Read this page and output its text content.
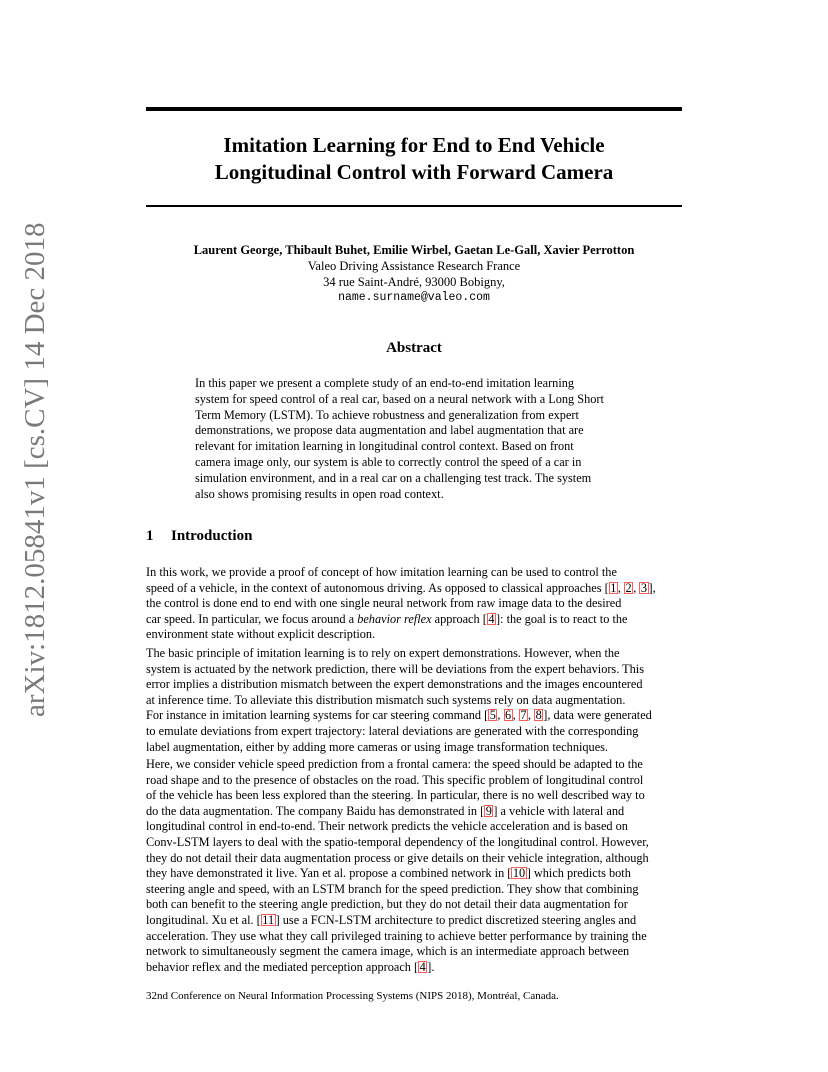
arXiv:1812.05841v1 [cs.CV] 14 Dec 2018
Imitation Learning for End to End Vehicle
Longitudinal Control with Forward Camera
Laurent George, Thibault Buhet, Emilie Wirbel, Gaetan Le-Gall, Xavier Perrotton
Valeo Driving Assistance Research France
34 rue Saint-André, 93000 Bobigny,
name.surname@valeo.com
Abstract
In this paper we present a complete study of an end-to-end imitation learning
system for speed control of a real car, based on a neural network with a Long Short
Term Memory (LSTM). To achieve robustness and generalization from expert
demonstrations, we propose data augmentation and label augmentation that are
relevant for imitation learning in longitudinal control context. Based on front
camera image only, our system is able to correctly control the speed of a car in
simulation environment, and in a real car on a challenging test track. The system
also shows promising results in open road context.
1 Introduction
In this work, we provide a proof of concept of how imitation learning can be used to control the
speed of a vehicle, in the context of autonomous driving. As opposed to classical approaches [ 1 , 2 , 3 ],
the control is done end to end with one single neural network from raw image data to the desired
car speed. In particular, we focus around a behavior reflex approach [ 4 ]: the goal is to react to the
environment state without explicit description.
The basic principle of imitation learning is to rely on expert demonstrations. However, when the
system is actuated by the network prediction, there will be deviations from the expert behaviors. This
error implies a distribution mismatch between the expert demonstrations and the images encountered
at inference time. To alleviate this distribution mismatch such systems rely on data augmentation.
For instance in imitation learning systems for car steering command [ 5 , 6 , 7 , 8 ], data were generated
to emulate deviations from expert trajectory: lateral deviations are generated with the corresponding
label augmentation, either by adding more cameras or using image transformation techniques.
Here, we consider vehicle speed prediction from a frontal camera: the speed should be adapted to the
road shape and to the presence of obstacles on the road. This specific problem of longitudinal control
of the vehicle has been less explored than the steering. In particular, there is no well described way to
do the data augmentation. The company Baidu has demonstrated in [ 9 ] a vehicle with lateral and
longitudinal control in end-to-end. Their network predicts the vehicle acceleration and is based on
Conv-LSTM layers to deal with the spatio-temporal dependency of the longitudinal control. However,
they do not detail their data augmentation process or give details on their vehicle integration, although
they have demonstrated it live. Yan et al. propose a combined network in [ 10 ] which predicts both
steering angle and speed, with an LSTM branch for the speed prediction. They show that combining
both can benefit to the steering angle prediction, but they do not detail their data augmentation for
longitudinal. Xu et al. [ 11 ] use a FCN-LSTM architecture to predict discretized steering angles and
acceleration. They use what they call privileged training to achieve better performance by training the
network to simultaneously segment the camera image, which is an intermediate approach between
behavior reflex and the mediated perception approach [ 4 ].
32nd Conference on Neural Information Processing Systems (NIPS 2018), Montréal, Canada.
